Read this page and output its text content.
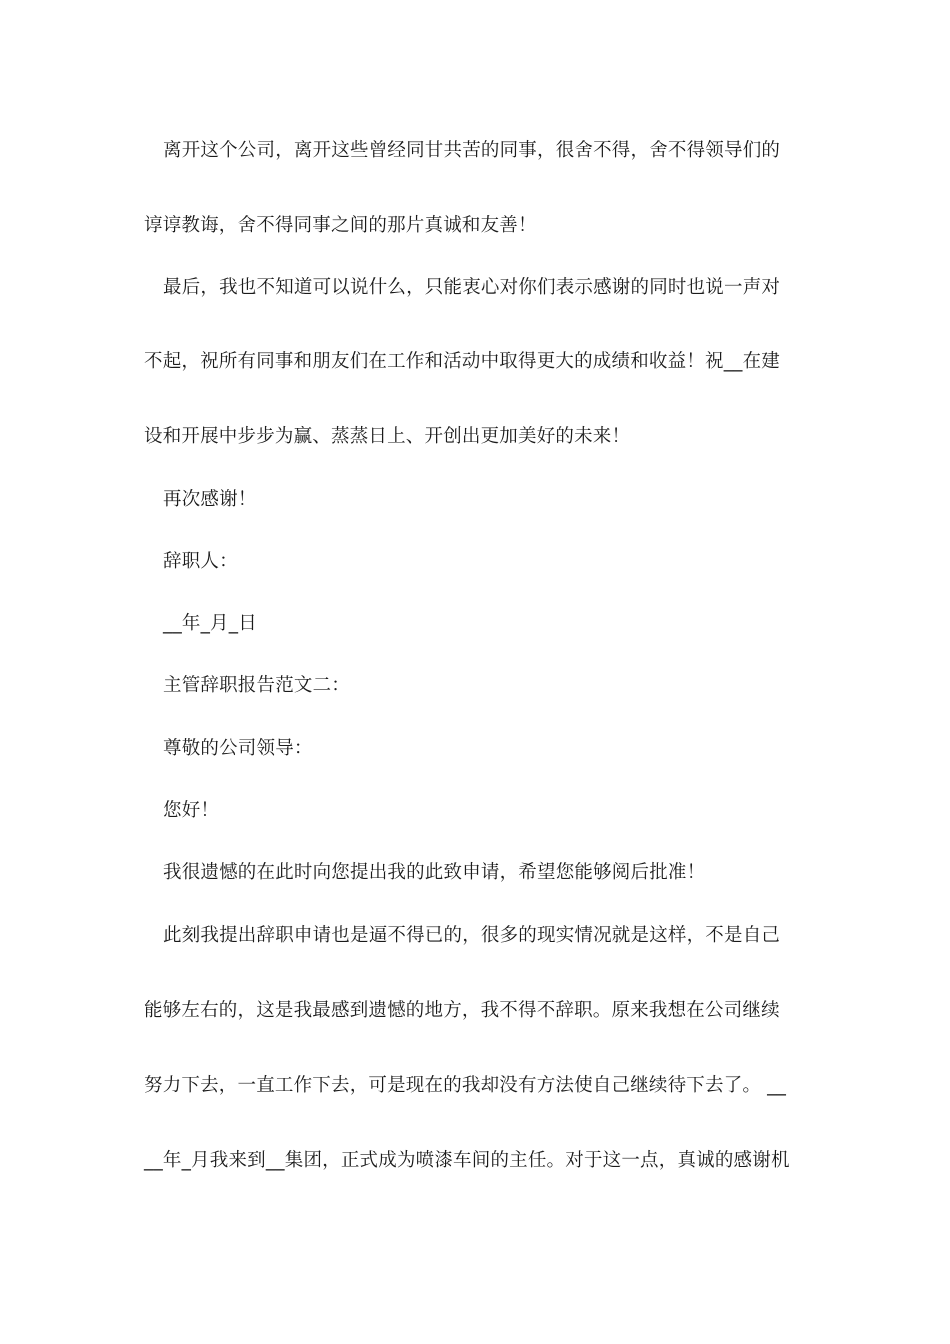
离开这个公司，离开这些曾经同甘共苦的同事，很舍不得，舍不得领导们的
谆谆教诲，舍不得同事之间的那片真诚和友善！
最后，我也不知道可以说什么，只能衷心对你们表示感谢的同时也说一声对
不起，祝所有同事和朋友们在工作和活动中取得更大的成绩和收益！祝__在建
设和开展中步步为赢、蒸蒸日上、开创出更加美好的未来！
再次感谢！
辞职人：
__年_月_日
主管辞职报告范文二：
尊敬的公司领导：
您好！
我很遗憾的在此时向您提出我的此致申请，希望您能够阅后批准！
此刻我提出辞职申请也是逼不得已的，很多的现实情况就是这样，不是自己
能够左右的，这是我最感到遗憾的地方，我不得不辞职。原来我想在公司继续
努力下去，一直工作下去，可是现在的我却没有方法使自己继续待下去了。 __
__年_月我来到__集团，正式成为喷漆车间的主任。对于这一点，真诚的感谢机
